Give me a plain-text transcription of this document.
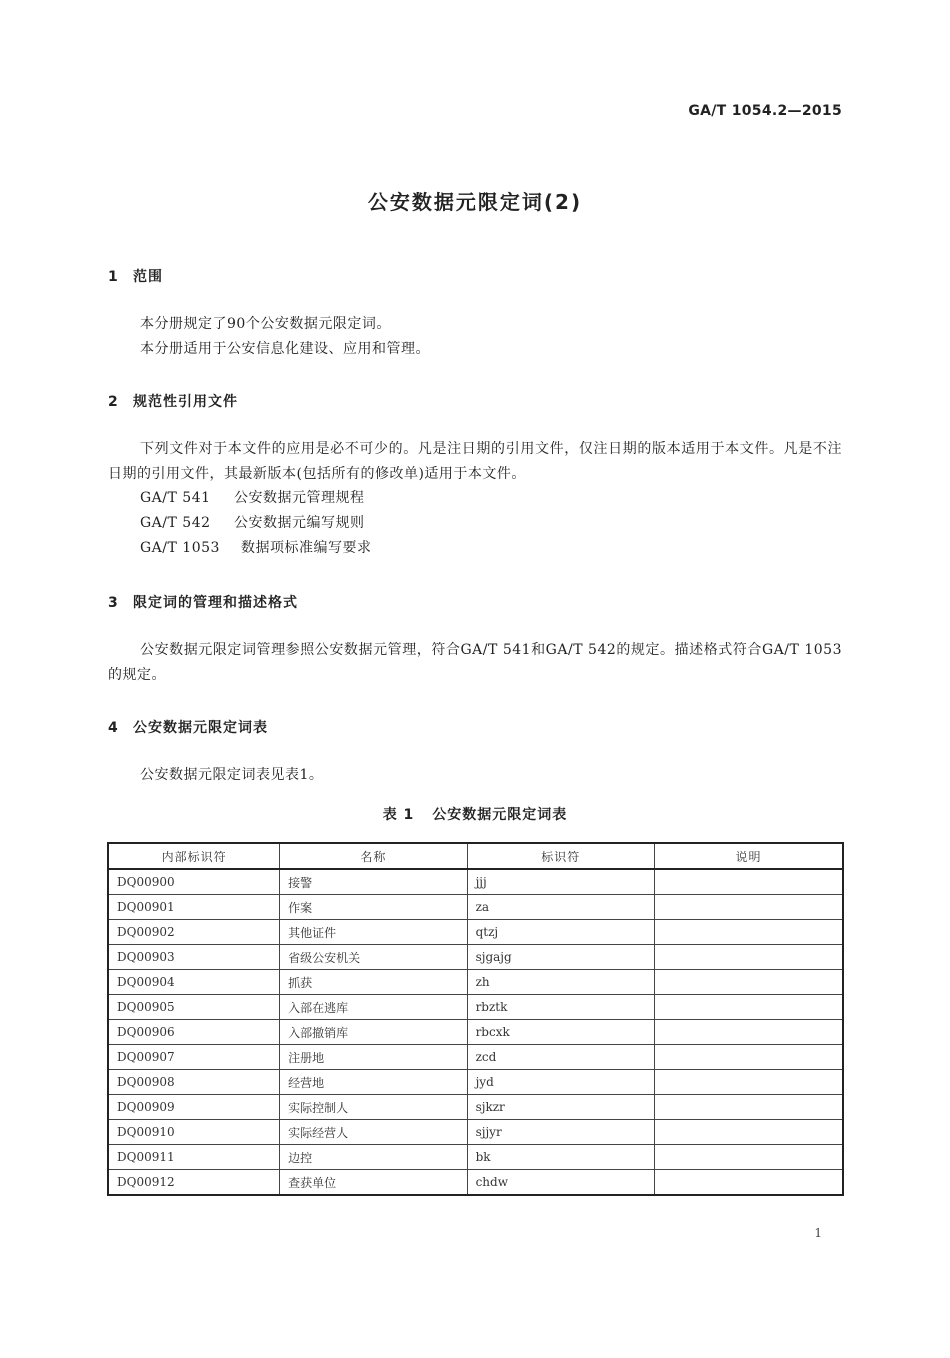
GA/T 1054.2—2015
公安数据元限定词(2)
1 范围
本分册规定了90个公安数据元限定词。
本分册适用于公安信息化建设、应用和管理。
2 规范性引用文件
下列文件对于本文件的应用是必不可少的。凡是注日期的引用文件，仅注日期的版本适用于本文件。凡是不注日期的引用文件，其最新版本(包括所有的修改单)适用于本文件。
GA/T 541 公安数据元管理规程
GA/T 542 公安数据元编写规则
GA/T 1053 数据项标准编写要求
3 限定词的管理和描述格式
公安数据元限定词管理参照公安数据元管理，符合GA/T 541和GA/T 542的规定。描述格式符合GA/T 1053的规定。
4 公安数据元限定词表
公安数据元限定词表见表1。
表 1 公安数据元限定词表
内部标识符	名称	标识符	说明
DQ00900	接警	jjj	
DQ00901	作案	za	
DQ00902	其他证件	qtzj	
DQ00903	省级公安机关	sjgajg	
DQ00904	抓获	zh	
DQ00905	入部在逃库	rbztk	
DQ00906	入部撤销库	rbcxk	
DQ00907	注册地	zcd	
DQ00908	经营地	jyd	
DQ00909	实际控制人	sjkzr	
DQ00910	实际经营人	sjjyr	
DQ00911	边控	bk	
DQ00912	查获单位	chdw	
1
